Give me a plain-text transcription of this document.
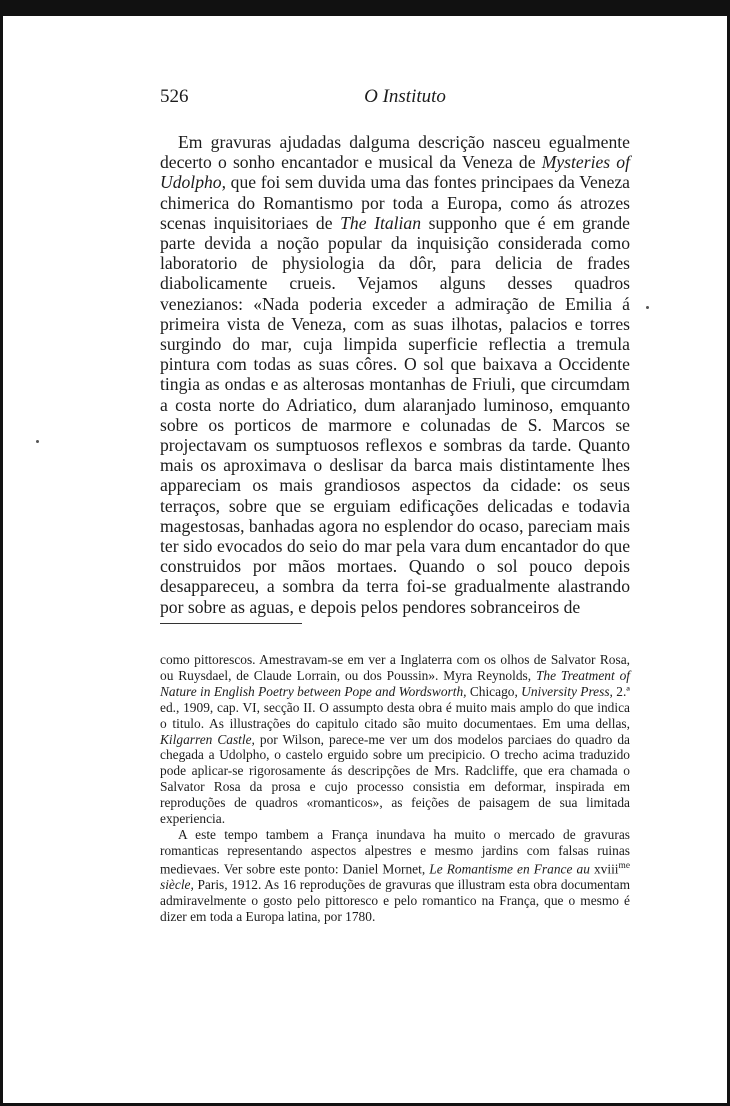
526	O Instituto

Em gravuras ajudadas dalguma descrição nasceu egualmente decerto o sonho encantador e musical da Veneza de Mysteries of Udolpho, que foi sem duvida uma das fontes principaes da Veneza chimerica do Romantismo por toda a Europa, como ás atrozes scenas inquisitoriaes de The Italian supponho que é em grande parte devida a noção popular da inquisição considerada como laboratorio de physiologia da dôr, para delicia de frades diabolicamente crueis. Vejamos alguns desses quadros venezianos: «Nada poderia exceder a admiração de Emilia á primeira vista de Veneza, com as suas ilhotas, palacios e torres surgindo do mar, cuja limpida superficie reflectia a tremula pintura com todas as suas côres. O sol que baixava a Occidente tingia as ondas e as alterosas montanhas de Friuli, que circumdam a costa norte do Adriatico, dum alaranjado luminoso, emquanto sobre os porticos de marmore e colunadas de S. Marcos se projectavam os sumptuosos reflexos e sombras da tarde. Quanto mais os aproximava o deslisar da barca mais distintamente lhes appareciam os mais grandiosos aspectos da cidade: os seus terraços, sobre que se erguiam edificações delicadas e todavia magestosas, banhadas agora no esplendor do ocaso, pareciam mais ter sido evocados do seio do mar pela vara dum encantador do que construidos por mãos mortaes. Quando o sol pouco depois desappareceu, a sombra da terra foi-se gradualmente alastrando por sobre as aguas, e depois pelos pendores sobranceiros de

como pittorescos. Amestravam-se em ver a Inglaterra com os olhos de Salvator Rosa, ou Ruysdael, de Claude Lorrain, ou dos Poussin». Myra Reynolds, The Treatment of Nature in English Poetry between Pope and Wordsworth, Chicago, University Press, 2.ª ed., 1909, cap. VI, secção II. O assumpto desta obra é muito mais amplo do que indica o titulo. As illustrações do capitulo citado são muito documentaes. Em uma dellas, Kilgarren Castle, por Wilson, parece-me ver um dos modelos parciaes do quadro da chegada a Udolpho, o castelo erguido sobre um precipicio. O trecho acima traduzido pode aplicar-se rigorosamente ás descripções de Mrs. Radcliffe, que era chamada o Salvator Rosa da prosa e cujo processo consistia em deformar, inspirada em reproduções de quadros «romanticos», as feições de paisagem de sua limitada experiencia.

A este tempo tambem a França inundava ha muito o mercado de gravuras romanticas representando aspectos alpestres e mesmo jardins com falsas ruinas medievaes. Ver sobre este ponto: Daniel Mornet, Le Romantisme en France au xviii$^{me}$ siècle, Paris, 1912. As 16 reproduções de gravuras que illustram esta obra documentam admiravelmente o gosto pelo pittoresco e pelo romantico na França, que o mesmo é dizer em toda a Europa latina, por 1780.
